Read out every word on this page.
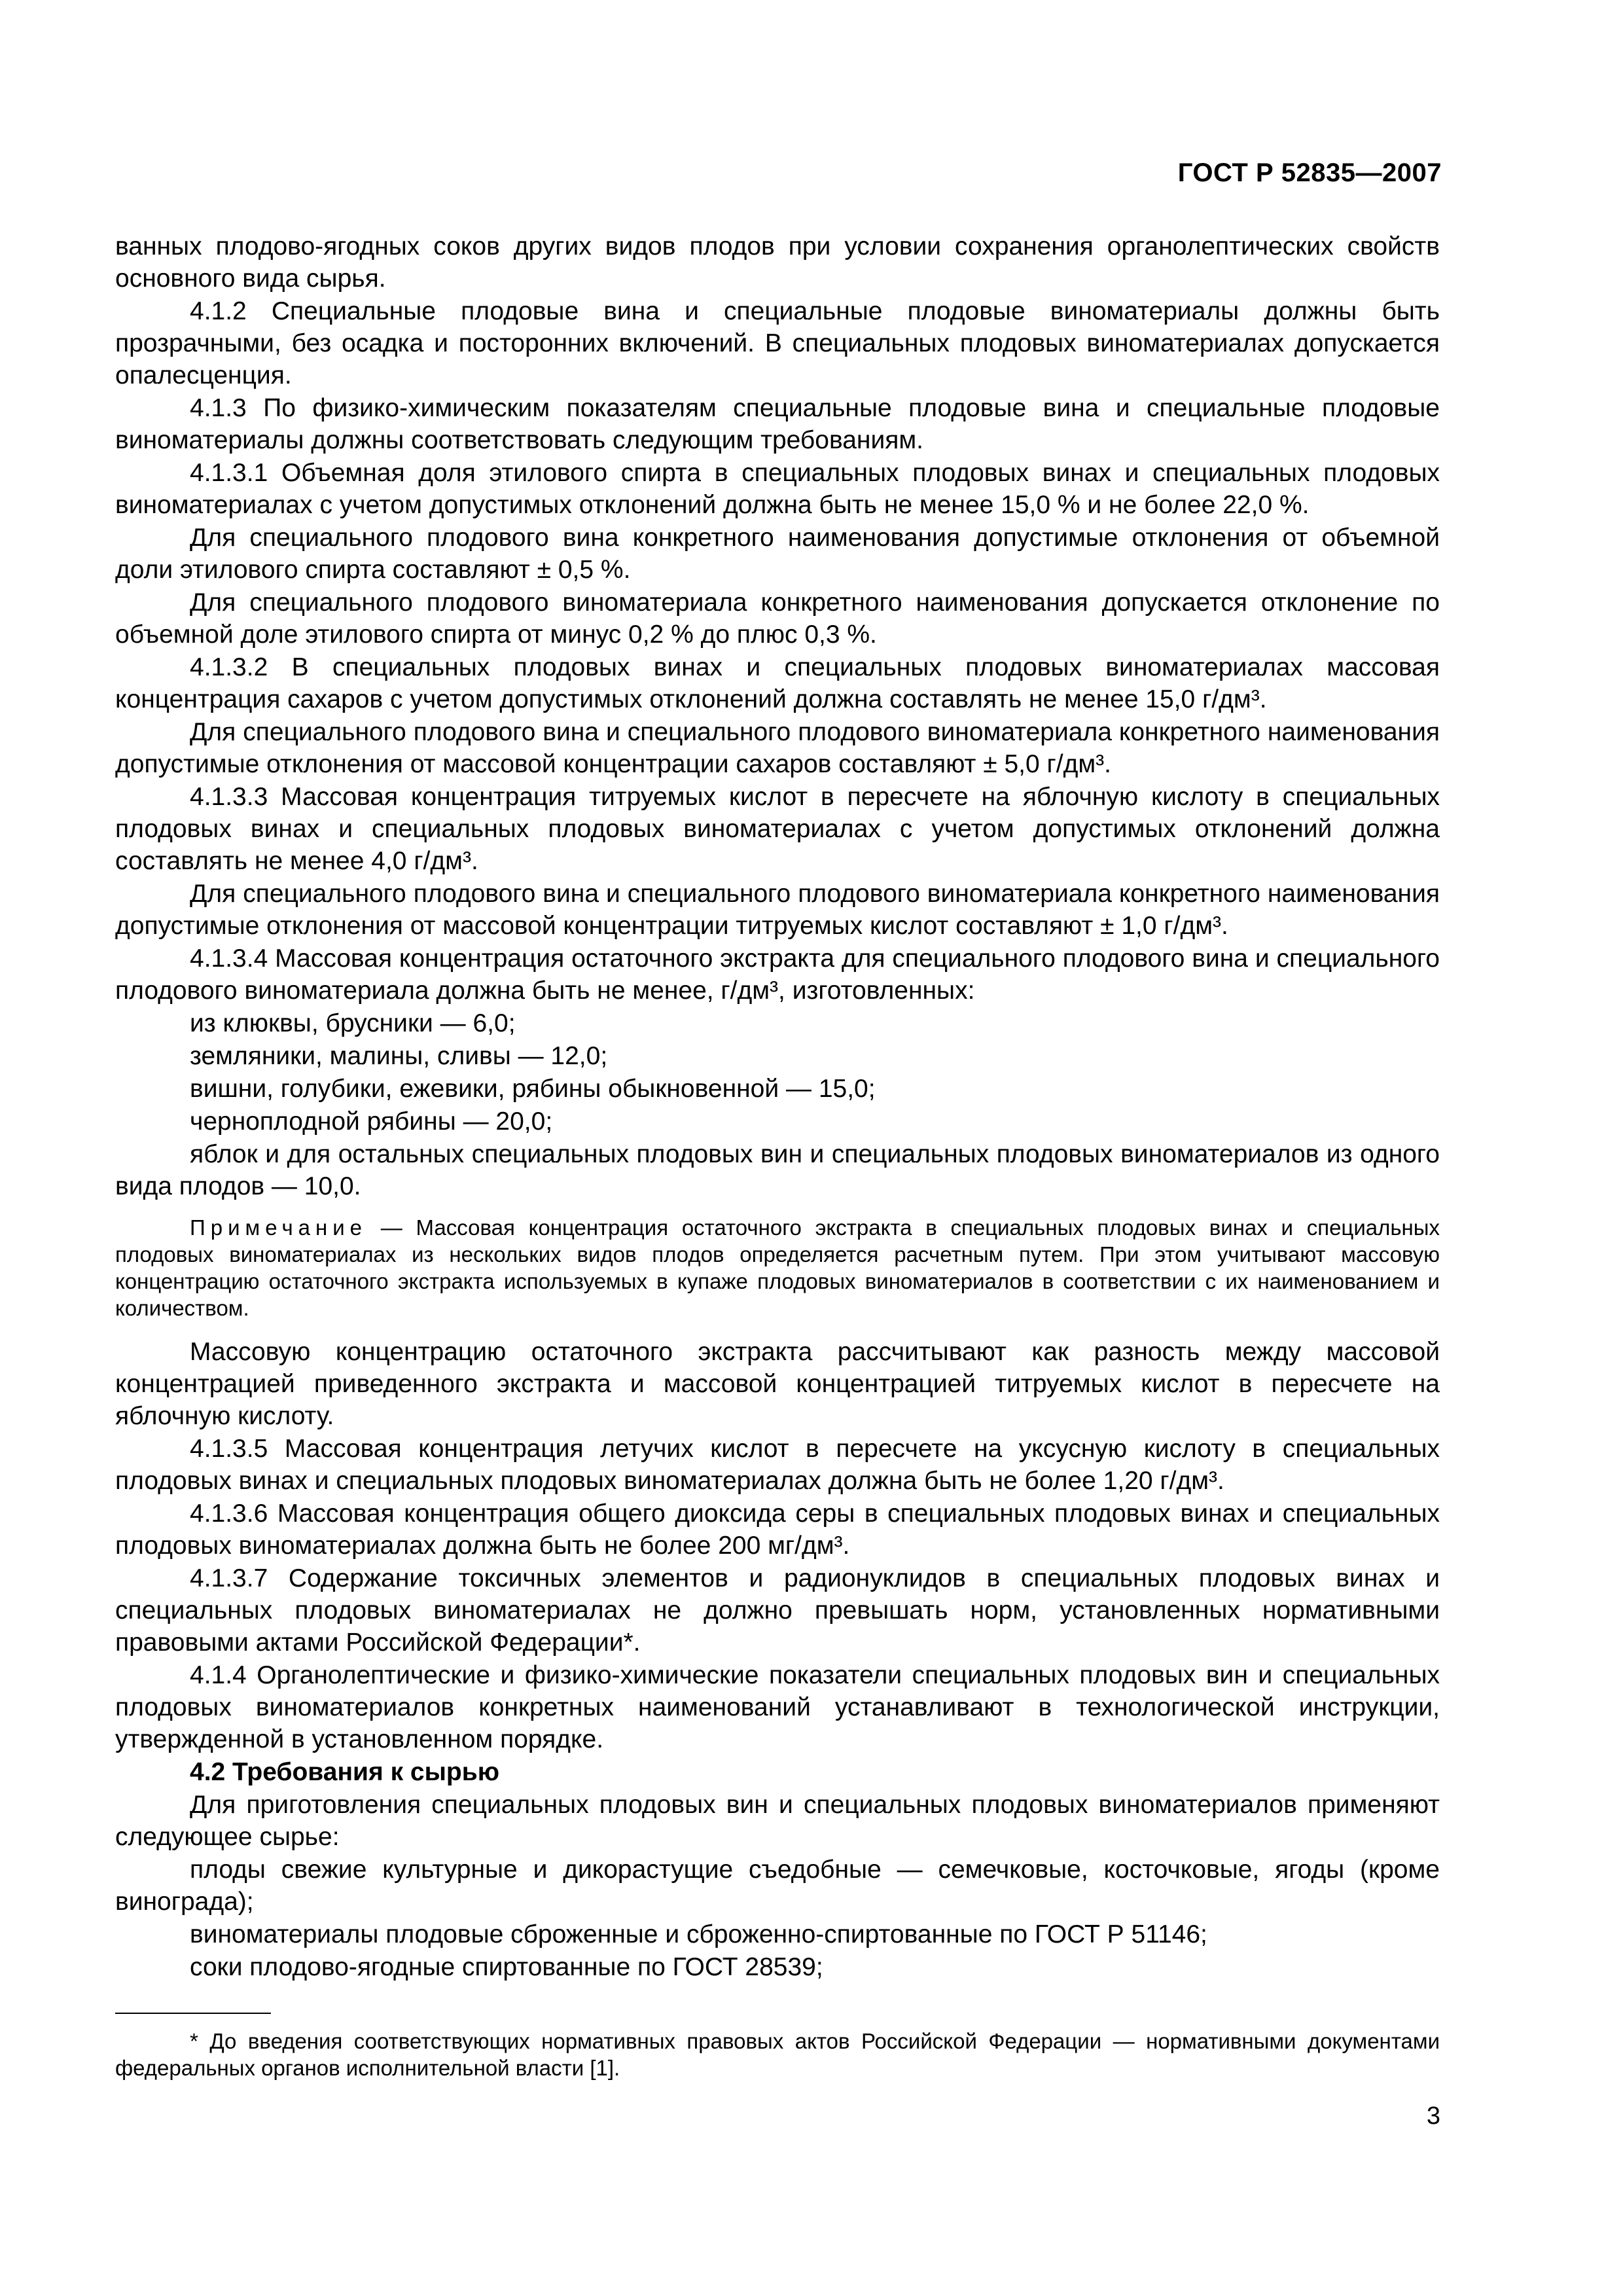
ГОСТ Р 52835—2007
ванных плодово-ягодных соков других видов плодов при условии сохранения органолептических свойств основного вида сырья.
4.1.2 Специальные плодовые вина и специальные плодовые виноматериалы должны быть прозрачными, без осадка и посторонних включений. В специальных плодовых виноматериалах допускается опалесценция.
4.1.3 По физико-химическим показателям специальные плодовые вина и специальные плодовые виноматериалы должны соответствовать следующим требованиям.
4.1.3.1 Объемная доля этилового спирта в специальных плодовых винах и специальных плодовых виноматериалах с учетом допустимых отклонений должна быть не менее 15,0 % и не более 22,0 %.
Для специального плодового вина конкретного наименования допустимые отклонения от объемной доли этилового спирта составляют ± 0,5 %.
Для специального плодового виноматериала конкретного наименования допускается отклонение по объемной доле этилового спирта от минус 0,2 % до плюс 0,3 %.
4.1.3.2 В специальных плодовых винах и специальных плодовых виноматериалах массовая концентрация сахаров с учетом допустимых отклонений должна составлять не менее 15,0 г/дм³.
Для специального плодового вина и специального плодового виноматериала конкретного наименования допустимые отклонения от массовой концентрации сахаров составляют ± 5,0 г/дм³.
4.1.3.3 Массовая концентрация титруемых кислот в пересчете на яблочную кислоту в специальных плодовых винах и специальных плодовых виноматериалах с учетом допустимых отклонений должна составлять не менее 4,0 г/дм³.
Для специального плодового вина и специального плодового виноматериала конкретного наименования допустимые отклонения от массовой концентрации титруемых кислот составляют ± 1,0 г/дм³.
4.1.3.4 Массовая концентрация остаточного экстракта для специального плодового вина и специального плодового виноматериала должна быть не менее, г/дм³, изготовленных:
из клюквы, брусники — 6,0;
земляники, малины, сливы — 12,0;
вишни, голубики, ежевики, рябины обыкновенной — 15,0;
черноплодной рябины — 20,0;
яблок и для остальных специальных плодовых вин и специальных плодовых виноматериалов из одного вида плодов — 10,0.
Примечание — Массовая концентрация остаточного экстракта в специальных плодовых винах и специальных плодовых виноматериалах из нескольких видов плодов определяется расчетным путем. При этом учитывают массовую концентрацию остаточного экстракта используемых в купаже плодовых виноматериалов в соответствии с их наименованием и количеством.
Массовую концентрацию остаточного экстракта рассчитывают как разность между массовой концентрацией приведенного экстракта и массовой концентрацией титруемых кислот в пересчете на яблочную кислоту.
4.1.3.5 Массовая концентрация летучих кислот в пересчете на уксусную кислоту в специальных плодовых винах и специальных плодовых виноматериалах должна быть не более 1,20 г/дм³.
4.1.3.6 Массовая концентрация общего диоксида серы в специальных плодовых винах и специальных плодовых виноматериалах должна быть не более 200 мг/дм³.
4.1.3.7 Содержание токсичных элементов и радионуклидов в специальных плодовых винах и специальных плодовых виноматериалах не должно превышать норм, установленных нормативными правовыми актами Российской Федерации*.
4.1.4 Органолептические и физико-химические показатели специальных плодовых вин и специальных плодовых виноматериалов конкретных наименований устанавливают в технологической инструкции, утвержденной в установленном порядке.
4.2 Требования к сырью
Для приготовления специальных плодовых вин и специальных плодовых виноматериалов применяют следующее сырье:
плоды свежие культурные и дикорастущие съедобные — семечковые, косточковые, ягоды (кроме винограда);
виноматериалы плодовые сброженные и сброженно-спиртованные по ГОСТ Р 51146;
соки плодово-ягодные спиртованные по ГОСТ 28539;
* До введения соответствующих нормативных правовых актов Российской Федерации — нормативными документами федеральных органов исполнительной власти [1].
3
